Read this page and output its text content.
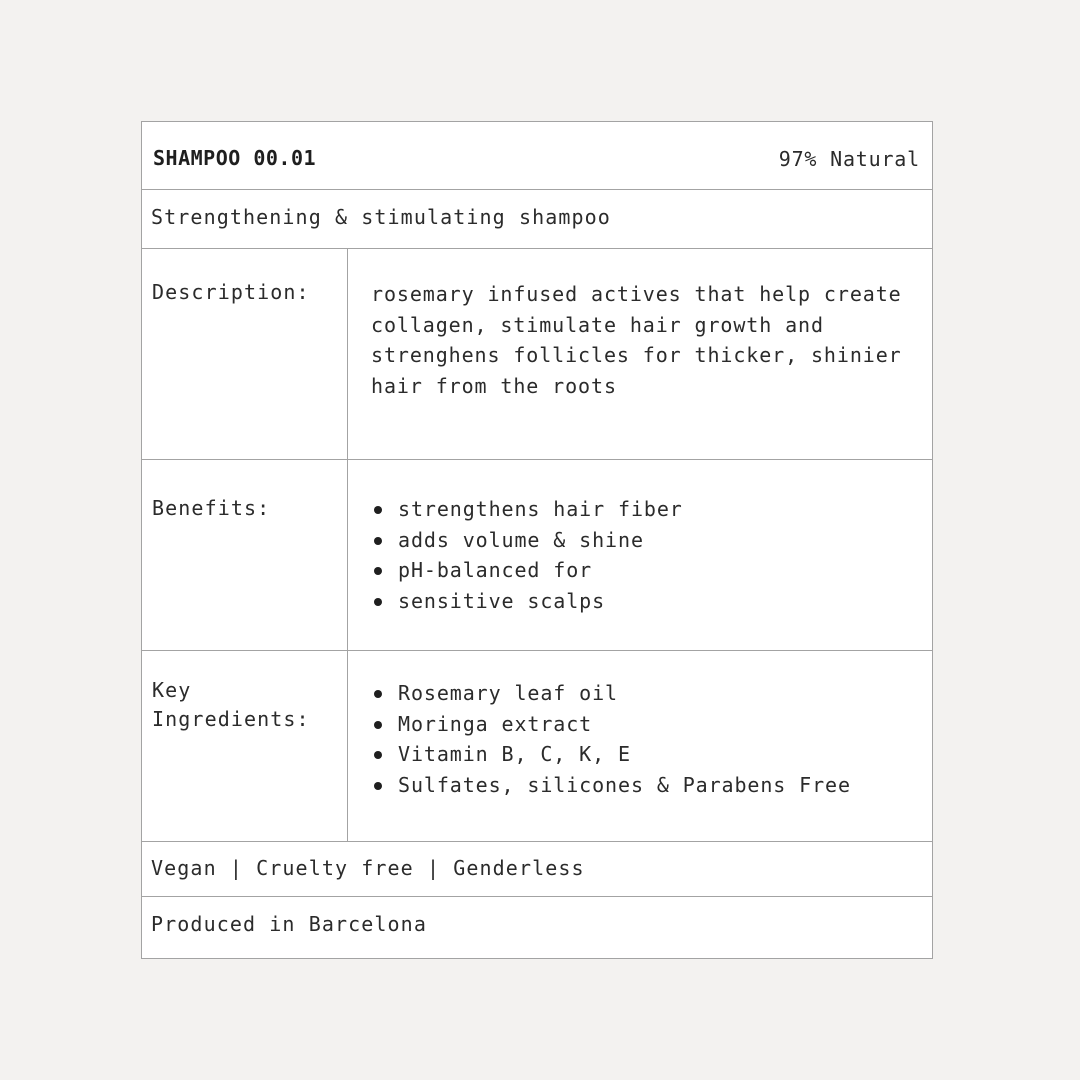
SHAMPOO 00.01	97% Natural
Strengthening & stimulating shampoo
Description:	rosemary infused actives that help create collagen, stimulate hair growth and strenghens follicles for thicker, shinier hair from the roots
Benefits:	strengthens hair fiber
adds volume & shine
pH-balanced for
sensitive scalps
Key Ingredients:
Rosemary leaf oil
Moringa extract
Vitamin B, C, K, E
Sulfates, silicones & Parabens Free
Vegan | Cruelty free | Genderless
Produced in Barcelona
